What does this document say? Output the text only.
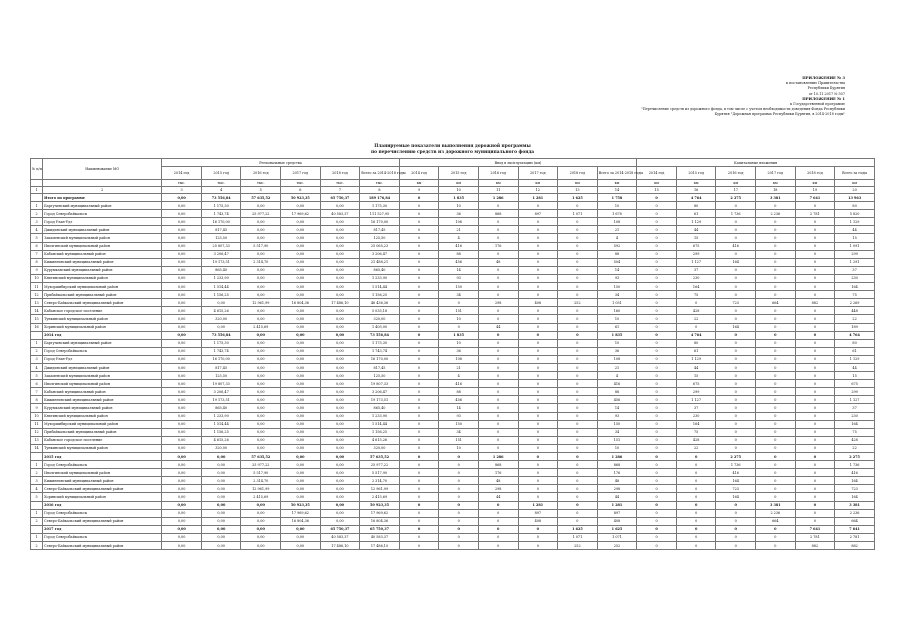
ПРИЛОЖЕНИЕ № 3
к постановлению Правительства
Республики Бурятия
от 10.11.2017 № 507
ПРИЛОЖЕНИЕ № 1
к Государственной программе
"Перечисление средств из дорожного фонда, в том числе с учетом необходимости доведения Фонда Республики Бурятия "Дорожная программа Республики Бурятия, в 2014-2018 годы"
Планируемые показатели выполнения дорожной программы
по перечислению средств из дорожного муниципального фонда
№ п/п	Наименование МО	Региональные средства						Ввод в эксплуатацию (км)						Капитальные вложения					
		2014 год	2015 год	2016 год	2017 год	2018 год	Всего за 2014-2018 годы	2014 год	2015 год	2016 год	2017 год	2018 год	Всего за 2014-2018 годы	2014 год	2015 год	2016 год	2017 год	2018 год	Всего за годы
		тыс.	тыс.	тыс.	тыс.	тыс.	тыс.	км	км	км	км	км	км	км	км	км	км	км	км
1	2	3	4	5	6	7	8	9	10	11	12	13	14	15	16	17	18	19	20
	Итого по программе	0,00	73 556,84	57 635,52	50 923,35	65 750,37	189 176,84	0	1 835	1 286	1 281	1 625	1 758	0	4 764	2 275	3 381	7 641	13 963
1	Баргузинский муниципальный район	0,00	1 175,30	0,00	0,00	0,00	1 175,30	0	10	0	0	0	10	0	80	0	0	0	80
2	Город Северобайкальск	0,00	1 743,74	25 977,22	17 969,62	40 583,37	111 527,95	0	36	868	897	1 071	1 678	0	61	1 736	2 236	2 781	5 820
3	Город Улан-Удэ	0,00	16 170,00	0,00	0,00	0,00	16 170,00	0	108	0	0	0	108	0	1 129	0	0	0	1 129
4	Джидинский муниципальный район	0,00	817,45	0,00	0,00	0,00	817,45	0	21	0	0	0	21	0	44	0	0	0	44
5	Закаменский муниципальный район	0,00	125,50	0,00	0,00	0,00	125,50	0	4	0	0	0	4	0	15	0	0	0	15
6	Иволгинский муниципальный район	0,00	25 807,33	5 517,90	0,00	0,00	25 065,23	0	416	176	0	0	592	0	675	416	0	0	1 091
7	Кабанский муниципальный район	0,00	3 206,47	0,00	0,00	0,00	3 206,47	0	88	0	0	0	88	0	299	0	0	0	299
8	Кижингинский муниципальный район	0,00	19 173,51	2 314,70	0,00	0,00	21 488,21	0	456	48	0	0	504	0	1 127	164	0	0	1 291
9	Курумканский муниципальный район	0,00	865,40	0,00	0,00	0,00	865,40	0	14	0	0	0	14	0	37	0	0	0	37
10	Кяхтинский муниципальный район	0,00	1 233,90	0,00	0,00	0,00	1 233,90	0	93	0	0	0	93	0	230	0	0	0	230
11	Мухоршибирский муниципальный район	0,00	1 514,44	0,00	0,00	0,00	1 514,44	0	150	0	0	0	150	0	164	0	0	0	164
12	Прибайкальский муниципальный район	0,00	1 156,25	0,00	0,00	0,00	1 156,25	0	34	0	0	0	34	0	75	0	0	0	75
13	Северо-Байкальский муниципальный район	0,00	0,00	12 961,99	16 804,36	17 486,10	46 436,36	0	0	298	408	252	1 051	0	0	723	664	882	2 269
14	Кабанское городское поселение	0,00	4 615,26	0,00	0,00	0,00	5 035,18	0	151	0	0	0	160	0	428	0	0	0	448
15	Тункинский муниципальный район	0,00	320,00	0,00	0,00	0,00	320,00	0	10	0	0	0	10	0	22	0	0	0	22
16	Хоринский муниципальный район	0,00	0,00	2 415,69	0,00	0,00	1 405,00	0	0	44	0	0	61	0	0	164	0	0	189
	2014 год	0,00	73 556,84	0,00	0,00	0,00	73 556,84	0	1 835	0	0	0	1 835	0	4 764	0	0	0	4 764
1	Баргузинский муниципальный район	0,00	1 175,30	0,00	0,00	0,00	1 175,30	0	10	0	0	0	10	0	80	0	0	0	80
2	Город Северобайкальск	0,00	1 743,74	0,00	0,00	0,00	1 743,74	0	36	0	0	0	36	0	61	0	0	0	61
3	Город Улан-Удэ	0,00	16 170,00	0,00	0,00	0,00	16 170,00	0	108	0	0	0	108	0	1 129	0	0	0	1 129
4	Джидинский муниципальный район	0,00	817,45	0,00	0,00	0,00	817,45	0	21	0	0	0	21	0	44	0	0	0	44
5	Закаменский муниципальный район	0,00	125,50	0,00	0,00	0,00	125,50	0	4	0	0	0	4	0	15	0	0	0	15
6	Иволгинский муниципальный район	0,00	19 807,33	0,00	0,00	0,00	19 807,33	0	416	0	0	0	416	0	675	0	0	0	675
7	Кабанский муниципальный район	0,00	3 206,47	0,00	0,00	0,00	3 206,47	0	88	0	0	0	88	0	299	0	0	0	299
8	Кижингинский муниципальный район	0,00	19 173,51	0,00	0,00	0,00	19 173,51	0	456	0	0	0	456	0	1 127	0	0	0	1 127
9	Курумканский муниципальный район	0,00	865,40	0,00	0,00	0,00	865,40	0	14	0	0	0	14	0	37	0	0	0	37
10	Кяхтинский муниципальный район	0,00	1 233,90	0,00	0,00	0,00	1 233,90	0	93	0	0	0	93	0	230	0	0	0	230
11	Мухоршибирский муниципальный район	0,00	1 514,44	0,00	0,00	0,00	1 514,44	0	150	0	0	0	150	0	164	0	0	0	164
12	Прибайкальский муниципальный район	0,00	1 156,25	0,00	0,00	0,00	1 156,25	0	34	0	0	0	34	0	75	0	0	0	75
13	Кабанское городское поселение	0,00	4 615,26	0,00	0,00	0,00	4 615,26	0	151	0	0	0	151	0	428	0	0	0	428
14	Тункинский муниципальный район	0,00	320,00	0,00	0,00	0,00	320,00	0	10	0	0	0	10	0	22	0	0	0	22
	2015 год	0,00	0,00	57 635,52	0,00	0,00	57 635,52	0	0	1 286	0	0	1 286	0	0	2 275	0	0	2 275
1	Город Северобайкальск	0,00	0,00	25 977,22	0,00	0,00	25 977,22	0	0	868	0	0	868	0	0	1 736	0	0	1 736
2	Иволгинский муниципальный район	0,00	0,00	5 517,90	0,00	0,00	5 517,90	0	0	176	0	0	176	0	0	416	0	0	416
3	Кижингинский муниципальный район	0,00	0,00	2 314,70	0,00	0,00	2 314,70	0	0	48	0	0	48	0	0	164	0	0	164
4	Северо-Байкальский муниципальный район	0,00	0,00	12 961,99	0,00	0,00	12 961,99	0	0	298	0	0	298	0	0	723	0	0	723
5	Хоринский муниципальный район	0,00	0,00	2 415,69	0,00	0,00	2 415,69	0	0	44	0	0	44	0	0	164	0	0	164
	2016 год	0,00	0,00	0,00	50 923,35	0,00	50 923,35	0	0	0	1 281	0	1 281	0	0	0	3 381	0	3 381
1	Город Северобайкальск	0,00	0,00	0,00	17 969,62	0,00	17 969,62	0	0	0	897	0	897	0	0	0	2 236	0	2 236
2	Северо-Байкальский муниципальный район	0,00	0,00	0,00	16 804,36	0,00	16 804,36	0	0	0	408	0	408	0	0	0	664	0	664
	2017 год	0,00	0,00	0,00	0,00	65 750,37	65 750,37	0	0	0	0	1 625	1 625	0	0	0	0	7 641	7 641
1	Город Северобайкальск	0,00	0,00	0,00	0,00	40 583,37	40 583,37	0	0	0	0	1 071	1 071	0	0	0	0	2 781	2 781
2	Северо-Байкальский муниципальный район	0,00	0,00	0,00	0,00	17 486,10	17 486,10	0	0	0	0	252	252	0	0	0	0	882	882
